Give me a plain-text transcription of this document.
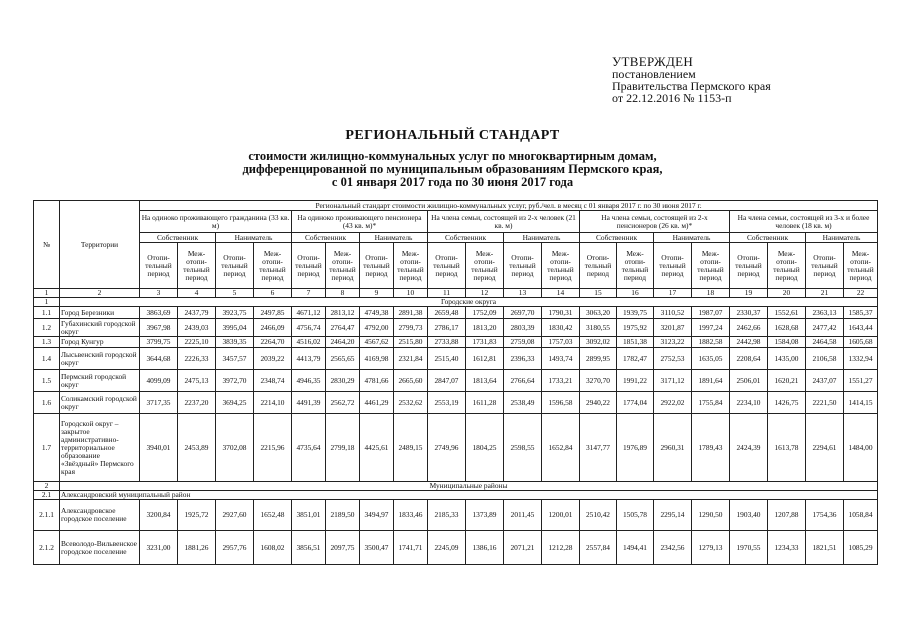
УТВЕРЖДЕН
постановлением
Правительства Пермского края
от 22.12.2016 № 1153-п
РЕГИОНАЛЬНЫЙ СТАНДАРТ
стоимости жилищно-коммунальных услуг по многоквартирным домам,
дифференцированной по муниципальным образованиям Пермского края,
с 01 января 2017 года по 30 июня 2017 года
№	Территории	Региональный стандарт стоимости жилищно-коммунальных услуг, руб./чел. в месяц с 01 января 2017 г. по 30 июня 2017 г.																			
		На одиноко проживающего гражданина (33 кв. м)				На одиноко проживающего пенсионера (43 кв. м)*				На члена семьи, состоящей из 2-х человек (21 кв. м)				На члена семьи, состоящей из 2-х пенсионеров (26 кв. м)*				На члена семьи, состоящей из 3-х и более человек (18 кв. м)			
		Собственник		Наниматель		Собственник		Наниматель		Собственник		Наниматель		Собственник		Наниматель		Собственник		Наниматель	
		Отопи-тельный период	Меж-отопи-тельный период	Отопи-тельный период	Меж-отопи-тельный период	Отопи-тельный период	Меж-отопи-тельный период	Отопи-тельный период	Меж-отопи-тельный период	Отопи-тельный период	Меж-отопи-тельный период	Отопи-тельный период	Меж-отопи-тельный период	Отопи-тельный период	Меж-отопи-тельный период	Отопи-тельный период	Меж-отопи-тельный период	Отопи-тельный период	Меж-отопи-тельный период	Отопи-тельный период	Меж-отопи-тельный период
1	2	3	4	5	6	7	8	9	10	11	12	13	14	15	16	17	18	19	20	21	22
1	Городские округа																				
1.1	Город Березники	3863,69	2437,79	3923,75	2497,85	4671,12	2813,12	4749,38	2891,38	2659,48	1752,09	2697,70	1790,31	3063,20	1939,75	3110,52	1987,07	2330,37	1552,61	2363,13	1585,37
1.2	Губахинский городской округ	3967,98	2439,03	3995,04	2466,09	4756,74	2764,47	4792,00	2799,73	2786,17	1813,20	2803,39	1830,42	3180,55	1975,92	3201,87	1997,24	2462,66	1628,68	2477,42	1643,44
1.3	Город Кунгур	3799,75	2225,10	3839,35	2264,70	4516,02	2464,20	4567,62	2515,80	2733,88	1731,83	2759,08	1757,03	3092,02	1851,38	3123,22	1882,58	2442,98	1584,08	2464,58	1605,68
1.4	Лысьвенский городской округ	3644,68	2226,33	3457,57	2039,22	4413,79	2565,65	4169,98	2321,84	2515,40	1612,81	2396,33	1493,74	2899,95	1782,47	2752,53	1635,05	2208,64	1435,00	2106,58	1332,94
1.5	Пермский городской округ	4099,09	2475,13	3972,70	2348,74	4946,35	2830,29	4781,66	2665,60	2847,07	1813,64	2766,64	1733,21	3270,70	1991,22	3171,12	1891,64	2506,01	1620,21	2437,07	1551,27
1.6	Соликамский городской округ	3717,35	2237,20	3694,25	2214,10	4491,39	2562,72	4461,29	2532,62	2553,19	1611,28	2538,49	1596,58	2940,22	1774,04	2922,02	1755,84	2234,10	1426,75	2221,50	1414,15
1.7	Городской округ – закрытое административно-территориальное образование «Звёздный» Пермского края	3940,01	2453,89	3702,08	2215,96	4735,64	2799,18	4425,61	2489,15	2749,96	1804,25	2598,55	1652,84	3147,77	1976,89	2960,31	1789,43	2424,39	1613,78	2294,61	1484,00
2	Муниципальные районы																				
2.1	Александровский муниципальный район																				
2.1.1	Александровское городское поселение	3200,84	1925,72	2927,60	1652,48	3851,01	2189,50	3494,97	1833,46	2185,33	1373,89	2011,45	1200,01	2510,42	1505,78	2295,14	1290,50	1903,40	1207,88	1754,36	1058,84
2.1.2	Всеволодо-Вильвенское городское поселение	3231,00	1881,26	2957,76	1608,02	3856,51	2097,75	3500,47	1741,71	2245,09	1386,16	2071,21	1212,28	2557,84	1494,41	2342,56	1279,13	1970,55	1234,33	1821,51	1085,29
